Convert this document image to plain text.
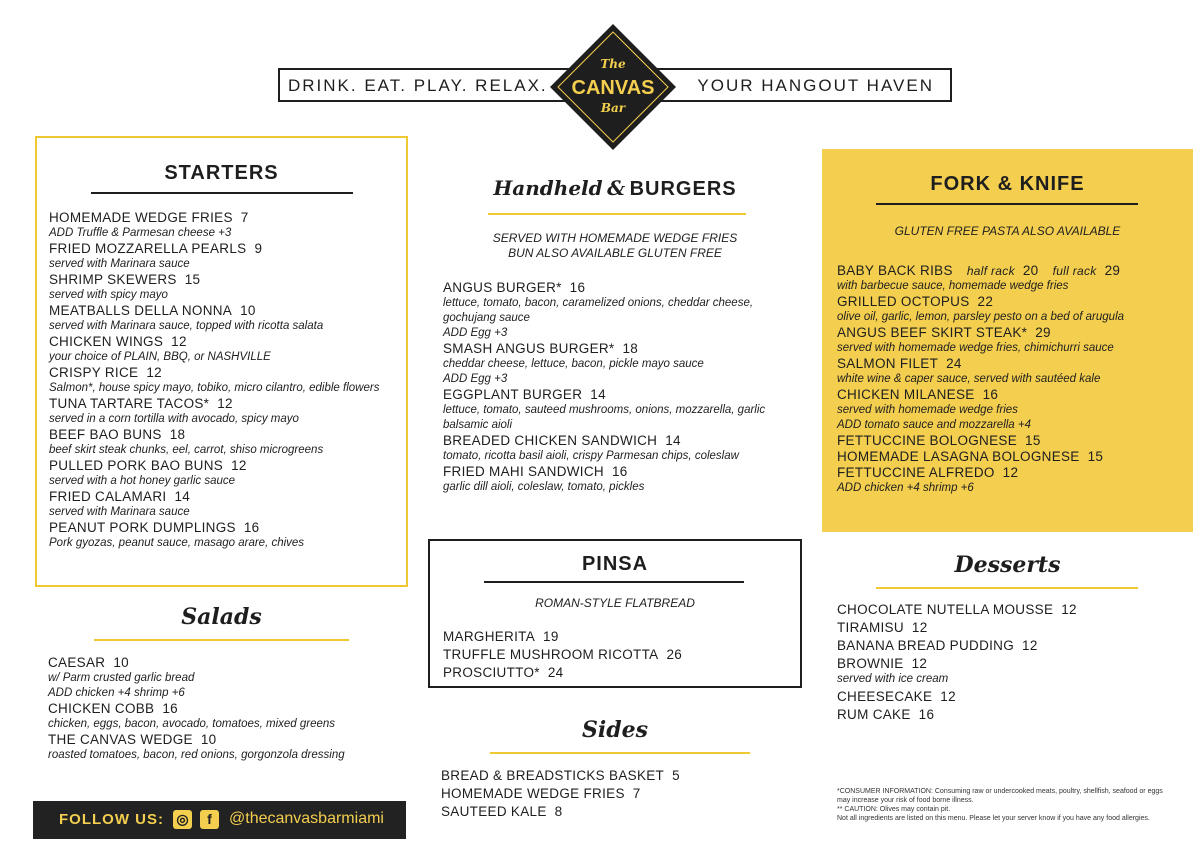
DRINK. EAT. PLAY. RELAX.	YOUR HANGOUT HAVEN
The
CANVAS
Bar
STARTERS
HOMEMADE WEDGE FRIES 7
ADD Truffle & Parmesan cheese +3
FRIED MOZZARELLA PEARLS 9
served with Marinara sauce
SHRIMP SKEWERS 15
served with spicy mayo
MEATBALLS DELLA NONNA 10
served with Marinara sauce, topped with ricotta salata
CHICKEN WINGS 12
your choice of PLAIN, BBQ, or NASHVILLE
CRISPY RICE 12
Salmon*, house spicy mayo, tobiko, micro cilantro, edible flowers
TUNA TARTARE TACOS* 12
served in a corn tortilla with avocado, spicy mayo
BEEF BAO BUNS 18
beef skirt steak chunks, eel, carrot, shiso microgreens
PULLED PORK BAO BUNS 12
served with a hot honey garlic sauce
FRIED CALAMARI 14
served with Marinara sauce
PEANUT PORK DUMPLINGS 16
Pork gyozas, peanut sauce, masago arare, chives
Salads
CAESAR 10
w/ Parm crusted garlic bread
ADD chicken +4 shrimp +6
CHICKEN COBB 16
chicken, eggs, bacon, avocado, tomatoes, mixed greens
THE CANVAS WEDGE 10
roasted tomatoes, bacon, red onions, gorgonzola dressing
FOLLOW US: ◎	f	@thecanvasbarmiami
Handheld & BURGERS
SERVED WITH HOMEMADE WEDGE FRIES
BUN ALSO AVAILABLE GLUTEN FREE
ANGUS BURGER* 16
lettuce, tomato, bacon, caramelized onions, cheddar cheese, gochujang sauce
ADD Egg +3
SMASH ANGUS BURGER* 18
cheddar cheese, lettuce, bacon, pickle mayo sauce
ADD Egg +3
EGGPLANT BURGER 14
lettuce, tomato, sauteed mushrooms, onions, mozzarella, garlic balsamic aioli
BREADED CHICKEN SANDWICH 14
tomato, ricotta basil aioli, crispy Parmesan chips, coleslaw
FRIED MAHI SANDWICH 16
garlic dill aioli, coleslaw, tomato, pickles
PINSA
ROMAN-STYLE FLATBREAD
MARGHERITA 19
TRUFFLE MUSHROOM RICOTTA 26
PROSCIUTTO* 24
Sides
BREAD & BREADSTICKS BASKET 5
HOMEMADE WEDGE FRIES 7
SAUTEED KALE 8
FORK & KNIFE
GLUTEN FREE PASTA ALSO AVAILABLE
BABY BACK RIBS half rack 20 full rack 29
with barbecue sauce, homemade wedge fries
GRILLED OCTOPUS 22
olive oil, garlic, lemon, parsley pesto on a bed of arugula
ANGUS BEEF SKIRT STEAK* 29
served with homemade wedge fries, chimichurri sauce
SALMON FILET 24
white wine & caper sauce, served with sautéed kale
CHICKEN MILANESE 16
served with homemade wedge fries
ADD tomato sauce and mozzarella +4
FETTUCCINE BOLOGNESE 15
HOMEMADE LASAGNA BOLOGNESE 15
FETTUCCINE ALFREDO 12
ADD chicken +4 shrimp +6
Desserts
CHOCOLATE NUTELLA MOUSSE 12
TIRAMISU 12
BANANA BREAD PUDDING 12
BROWNIE 12
served with ice cream
CHEESECAKE 12
RUM CAKE 16
*CONSUMER INFORMATION: Consuming raw or undercooked meats, poultry, shellfish, seafood or eggs may increase your risk of food borne illness.
** CAUTION: Olives may contain pit.
Not all ingredients are listed on this menu. Please let your server know if you have any food allergies.
